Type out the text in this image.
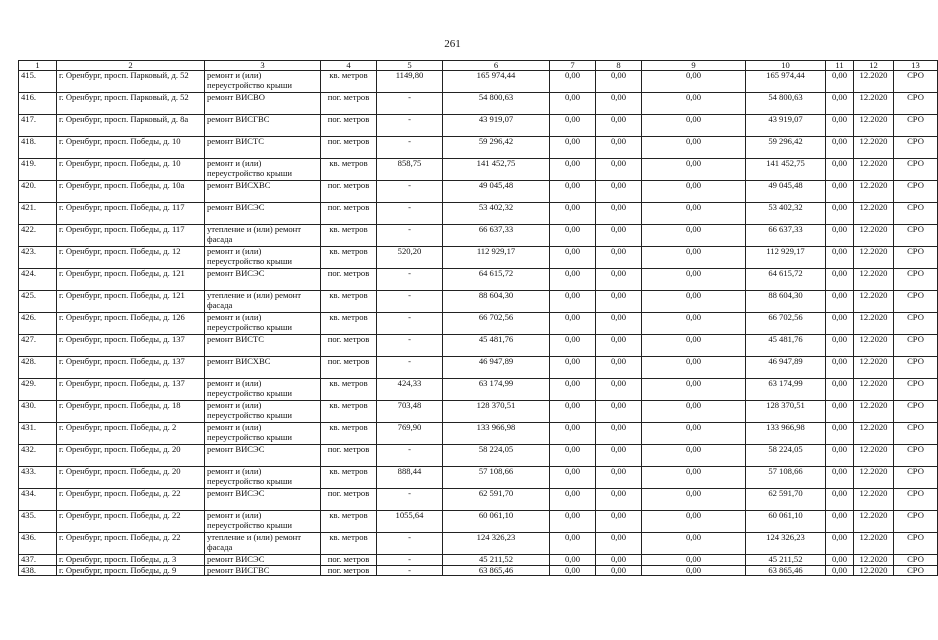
261
1	2	3	4	5	6	7	8	9	10	11	12	13
415.	г. Оренбург, просп. Парковый, д. 52	ремонт и (или) переустройство крыши	кв. метров	1149,80	165 974,44	0,00	0,00	0,00	165 974,44	0,00	12.2020	СРО
416.	г. Оренбург, просп. Парковый, д. 52	ремонт ВИСВО	пог. метров	-	54 800,63	0,00	0,00	0,00	54 800,63	0,00	12.2020	СРО
417.	г. Оренбург, просп. Парковый, д. 8а	ремонт ВИСГВС	пог. метров	-	43 919,07	0,00	0,00	0,00	43 919,07	0,00	12.2020	СРО
418.	г. Оренбург, просп. Победы, д. 10	ремонт ВИСТС	пог. метров	-	59 296,42	0,00	0,00	0,00	59 296,42	0,00	12.2020	СРО
419.	г. Оренбург, просп. Победы, д. 10	ремонт и (или) переустройство крыши	кв. метров	858,75	141 452,75	0,00	0,00	0,00	141 452,75	0,00	12.2020	СРО
420.	г. Оренбург, просп. Победы, д. 10а	ремонт ВИСХВС	пог. метров	-	49 045,48	0,00	0,00	0,00	49 045,48	0,00	12.2020	СРО
421.	г. Оренбург, просп. Победы, д. 117	ремонт ВИСЭС	пог. метров	-	53 402,32	0,00	0,00	0,00	53 402,32	0,00	12.2020	СРО
422.	г. Оренбург, просп. Победы, д. 117	утепление и (или) ремонт фасада	кв. метров	-	66 637,33	0,00	0,00	0,00	66 637,33	0,00	12.2020	СРО
423.	г. Оренбург, просп. Победы, д. 12	ремонт и (или) переустройство крыши	кв. метров	520,20	112 929,17	0,00	0,00	0,00	112 929,17	0,00	12.2020	СРО
424.	г. Оренбург, просп. Победы, д. 121	ремонт ВИСЭС	пог. метров	-	64 615,72	0,00	0,00	0,00	64 615,72	0,00	12.2020	СРО
425.	г. Оренбург, просп. Победы, д. 121	утепление и (или) ремонт фасада	кв. метров	-	88 604,30	0,00	0,00	0,00	88 604,30	0,00	12.2020	СРО
426.	г. Оренбург, просп. Победы, д. 126	ремонт и (или) переустройство крыши	кв. метров	-	66 702,56	0,00	0,00	0,00	66 702,56	0,00	12.2020	СРО
427.	г. Оренбург, просп. Победы, д. 137	ремонт ВИСТС	пог. метров	-	45 481,76	0,00	0,00	0,00	45 481,76	0,00	12.2020	СРО
428.	г. Оренбург, просп. Победы, д. 137	ремонт ВИСХВС	пог. метров	-	46 947,89	0,00	0,00	0,00	46 947,89	0,00	12.2020	СРО
429.	г. Оренбург, просп. Победы, д. 137	ремонт и (или) переустройство крыши	кв. метров	424,33	63 174,99	0,00	0,00	0,00	63 174,99	0,00	12.2020	СРО
430.	г. Оренбург, просп. Победы, д. 18	ремонт и (или) переустройство крыши	кв. метров	703,48	128 370,51	0,00	0,00	0,00	128 370,51	0,00	12.2020	СРО
431.	г. Оренбург, просп. Победы, д. 2	ремонт и (или) переустройство крыши	кв. метров	769,90	133 966,98	0,00	0,00	0,00	133 966,98	0,00	12.2020	СРО
432.	г. Оренбург, просп. Победы, д. 20	ремонт ВИСЭС	пог. метров	-	58 224,05	0,00	0,00	0,00	58 224,05	0,00	12.2020	СРО
433.	г. Оренбург, просп. Победы, д. 20	ремонт и (или) переустройство крыши	кв. метров	888,44	57 108,66	0,00	0,00	0,00	57 108,66	0,00	12.2020	СРО
434.	г. Оренбург, просп. Победы, д. 22	ремонт ВИСЭС	пог. метров	-	62 591,70	0,00	0,00	0,00	62 591,70	0,00	12.2020	СРО
435.	г. Оренбург, просп. Победы, д. 22	ремонт и (или) переустройство крыши	кв. метров	1055,64	60 061,10	0,00	0,00	0,00	60 061,10	0,00	12.2020	СРО
436.	г. Оренбург, просп. Победы, д. 22	утепление и (или) ремонт фасада	кв. метров	-	124 326,23	0,00	0,00	0,00	124 326,23	0,00	12.2020	СРО
437.	г. Оренбург, просп. Победы, д. 3	ремонт ВИСЭС	пог. метров	-	45 211,52	0,00	0,00	0,00	45 211,52	0,00	12.2020	СРО
438.	г. Оренбург, просп. Победы, д. 9	ремонт ВИСГВС	пог. метров	-	63 865,46	0,00	0,00	0,00	63 865,46	0,00	12.2020	СРО
